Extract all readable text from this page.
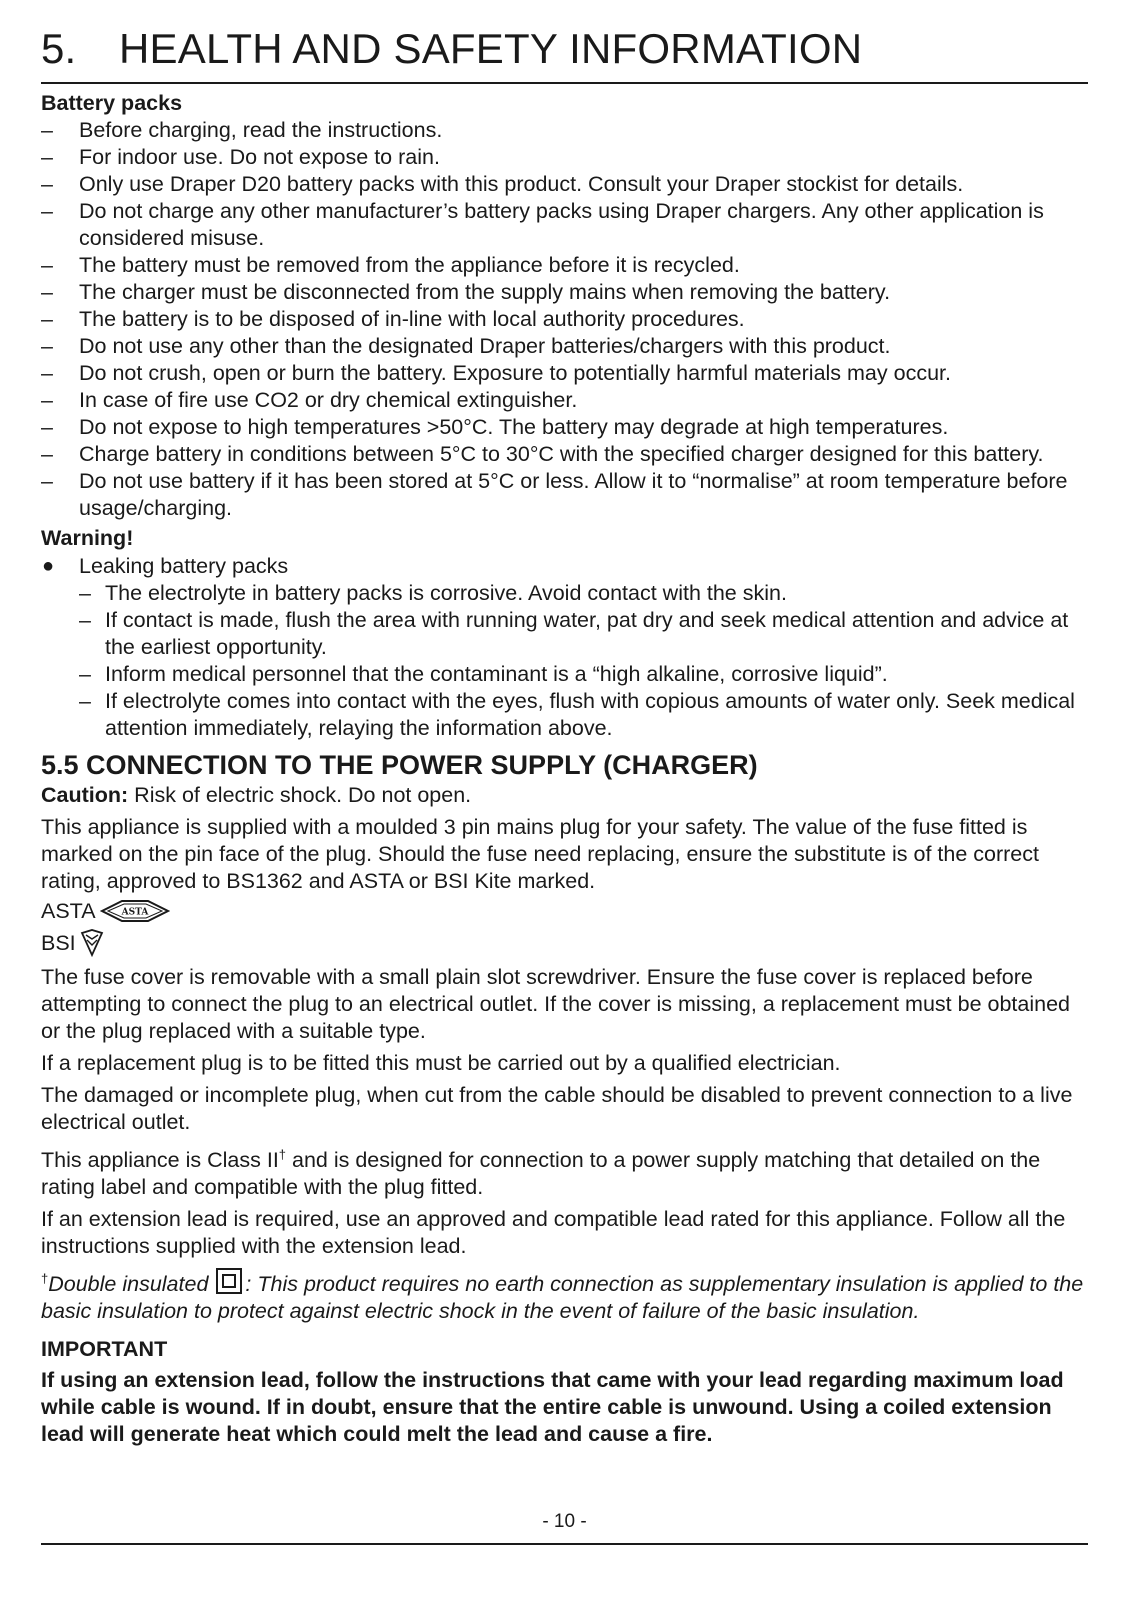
5.	HEALTH AND SAFETY INFORMATION
Battery packs
– Before charging, read the instructions.
– For indoor use. Do not expose to rain.
– Only use Draper D20 battery packs with this product. Consult your Draper stockist for details.
– Do not charge any other manufacturer’s battery packs using Draper chargers. Any other application is considered misuse.
– The battery must be removed from the appliance before it is recycled.
– The charger must be disconnected from the supply mains when removing the battery.
– The battery is to be disposed of in-line with local authority procedures.
– Do not use any other than the designated Draper batteries/chargers with this product.
– Do not crush, open or burn the battery. Exposure to potentially harmful materials may occur.
– In case of fire use CO2 or dry chemical extinguisher.
– Do not expose to high temperatures >50°C. The battery may degrade at high temperatures.
– Charge battery in conditions between 5°C to 30°C with the specified charger designed for this battery.
– Do not use battery if it has been stored at 5°C or less. Allow it to “normalise” at room temperature before usage/charging.
Warning!
● Leaking battery packs
– The electrolyte in battery packs is corrosive. Avoid contact with the skin.
– If contact is made, flush the area with running water, pat dry and seek medical attention and advice at the earliest opportunity.
– Inform medical personnel that the contaminant is a “high alkaline, corrosive liquid”.
– If electrolyte comes into contact with the eyes, flush with copious amounts of water only. Seek medical attention immediately, relaying the information above.
5.5 CONNECTION TO THE POWER SUPPLY (CHARGER)

Caution: Risk of electric shock. Do not open.

This appliance is supplied with a moulded 3 pin mains plug for your safety. The value of the fuse fitted is marked on the pin face of the plug. Should the fuse need replacing, ensure the substitute is of the correct rating, approved to BS1362 and ASTA or BSI Kite marked.

ASTA	ASTA
BSI

The fuse cover is removable with a small plain slot screwdriver. Ensure the fuse cover is replaced before attempting to connect the plug to an electrical outlet. If the cover is missing, a replacement must be obtained or the plug replaced with a suitable type.

If a replacement plug is to be fitted this must be carried out by a qualified electrician.

The damaged or incomplete plug, when cut from the cable should be disabled to prevent connection to a live electrical outlet.

This appliance is Class II† and is designed for connection to a power supply matching that detailed on the rating label and compatible with the plug fitted.

If an extension lead is required, use an approved and compatible lead rated for this appliance. Follow all the instructions supplied with the extension lead.

†Double insulated : This product requires no earth connection as supplementary insulation is applied to the basic insulation to protect against electric shock in the event of failure of the basic insulation.

IMPORTANT

If using an extension lead, follow the instructions that came with your lead regarding maximum load while cable is wound. If in doubt, ensure that the entire cable is unwound. Using a coiled extension lead will generate heat which could melt the lead and cause a fire.

- 10 -
